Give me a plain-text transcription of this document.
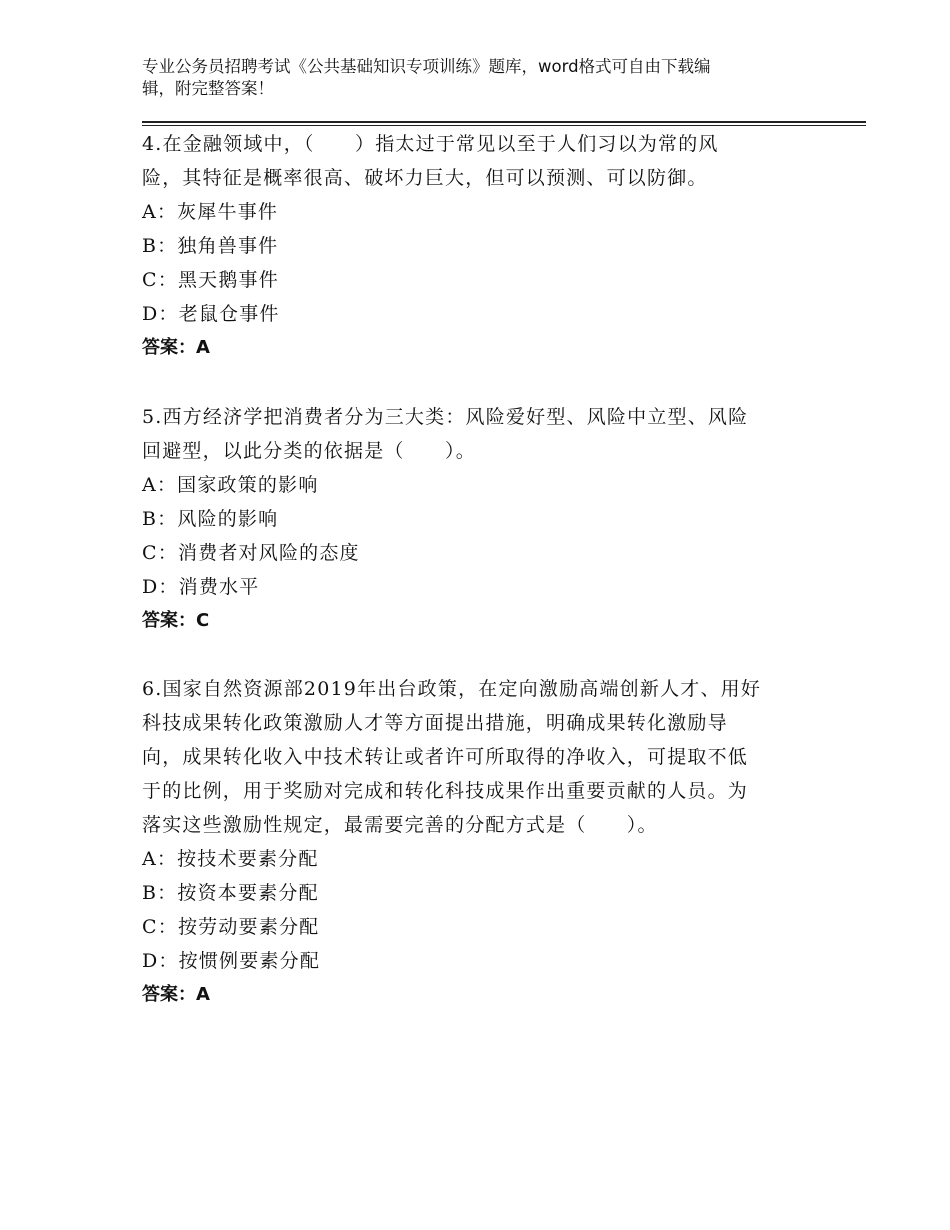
专业公务员招聘考试《公共基础知识专项训练》题库，word格式可自由下载编
辑，附完整答案！

4.在金融领域中，（　　）指太过于常见以至于人们习以为常的风

险，其特征是概率很高、破坏力巨大，但可以预测、可以防御。

A：灰犀牛事件

B：独角兽事件

C：黑天鹅事件

D：老鼠仓事件

答案：A

5.西方经济学把消费者分为三大类：风险爱好型、风险中立型、风险

回避型，以此分类的依据是（　　）。

A：国家政策的影响

B：风险的影响

C：消费者对风险的态度

D：消费水平

答案：C

6.国家自然资源部2019年出台政策，在定向激励高端创新人才、用好

科技成果转化政策激励人才等方面提出措施，明确成果转化激励导

向，成果转化收入中技术转让或者许可所取得的净收入，可提取不低

于的比例，用于奖励对完成和转化科技成果作出重要贡献的人员。为

落实这些激励性规定，最需要完善的分配方式是（　　）。

A：按技术要素分配

B：按资本要素分配

C：按劳动要素分配

D：按惯例要素分配

答案：A
